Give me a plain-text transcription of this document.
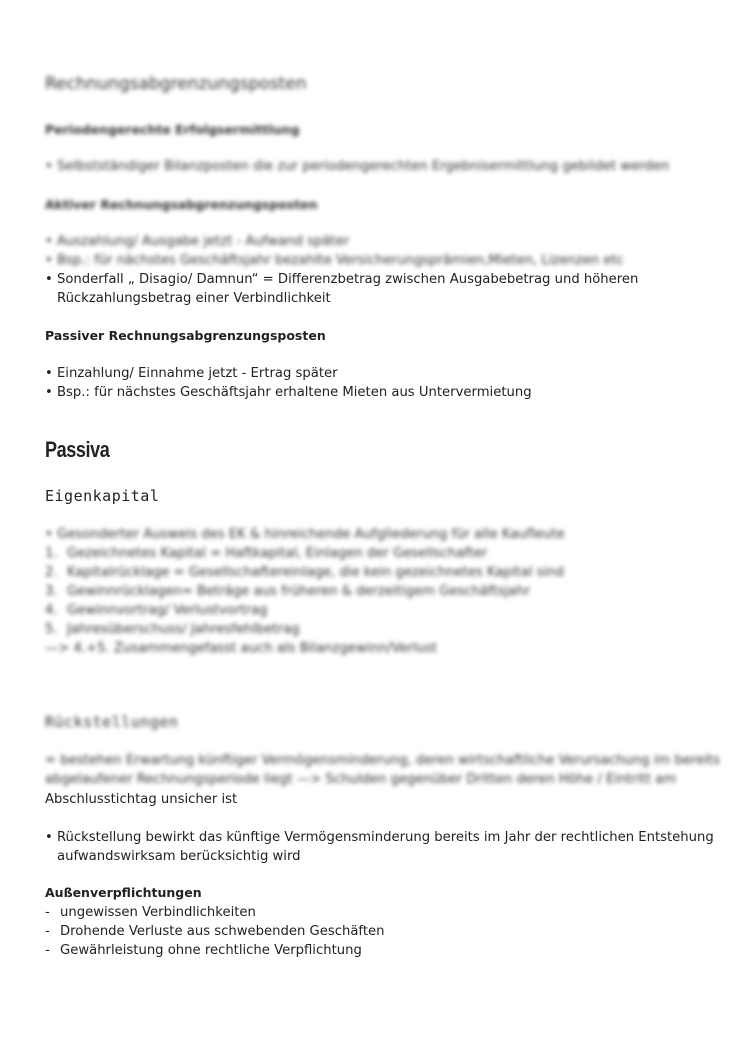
Rechnungsabgrenzungsposten
Periodengerechte Erfolgsermittlung
• Selbstständiger Bilanzposten die zur periodengerechten Ergebnisermittlung gebildet werden
Aktiver Rechnungsabgrenzungsposten
• Auszahlung/ Ausgabe jetzt - Aufwand später
• Bsp.: für nächstes Geschäftsjahr bezahlte Versicherungsprämien,Mieten, Lizenzen etc
• Sonderfall „ Disagio/ Damnun“ = Differenzbetrag zwischen Ausgabebetrag und höheren
Rückzahlungsbetrag einer Verbindlichkeit
Passiver Rechnungsabgrenzungsposten
• Einzahlung/ Einnahme jetzt - Ertrag später
• Bsp.: für nächstes Geschäftsjahr erhaltene Mieten aus Untervermietung
Passiva
Eigenkapital
• Gesonderter Ausweis des EK & hinreichende Aufgliederung für alle Kaufleute
1. Gezeichnetes Kapital = Haftkapital, Einlagen der Gesellschafter
2. Kapitalrücklage = Gesellschaftereinlage, die kein gezeichnetes Kapital sind
3. Gewinnrücklagen= Beträge aus früheren & derzeitigem Geschäftsjahr
4. Gewinnvortrag/ Verlustvortrag
5. Jahresüberschuss/ Jahresfehlbetrag
—> 4.+5. Zusammengefasst auch als Bilanzgewinn/Verlust
Rückstellungen
= bestehen Erwartung künftiger Vermögensminderung, deren wirtschaftliche Verursachung im bereits
abgelaufener Rechnungsperiode liegt —> Schulden gegenüber Dritten deren Höhe / Eintritt am
Abschlusstichtag unsicher ist
• Rückstellung bewirkt das künftige Vermögensminderung bereits im Jahr der rechtlichen Entstehung
aufwandswirksam berücksichtig wird
Außenverpflichtungen
- ungewissen Verbindlichkeiten
- Drohende Verluste aus schwebenden Geschäften
- Gewährleistung ohne rechtliche Verpflichtung
